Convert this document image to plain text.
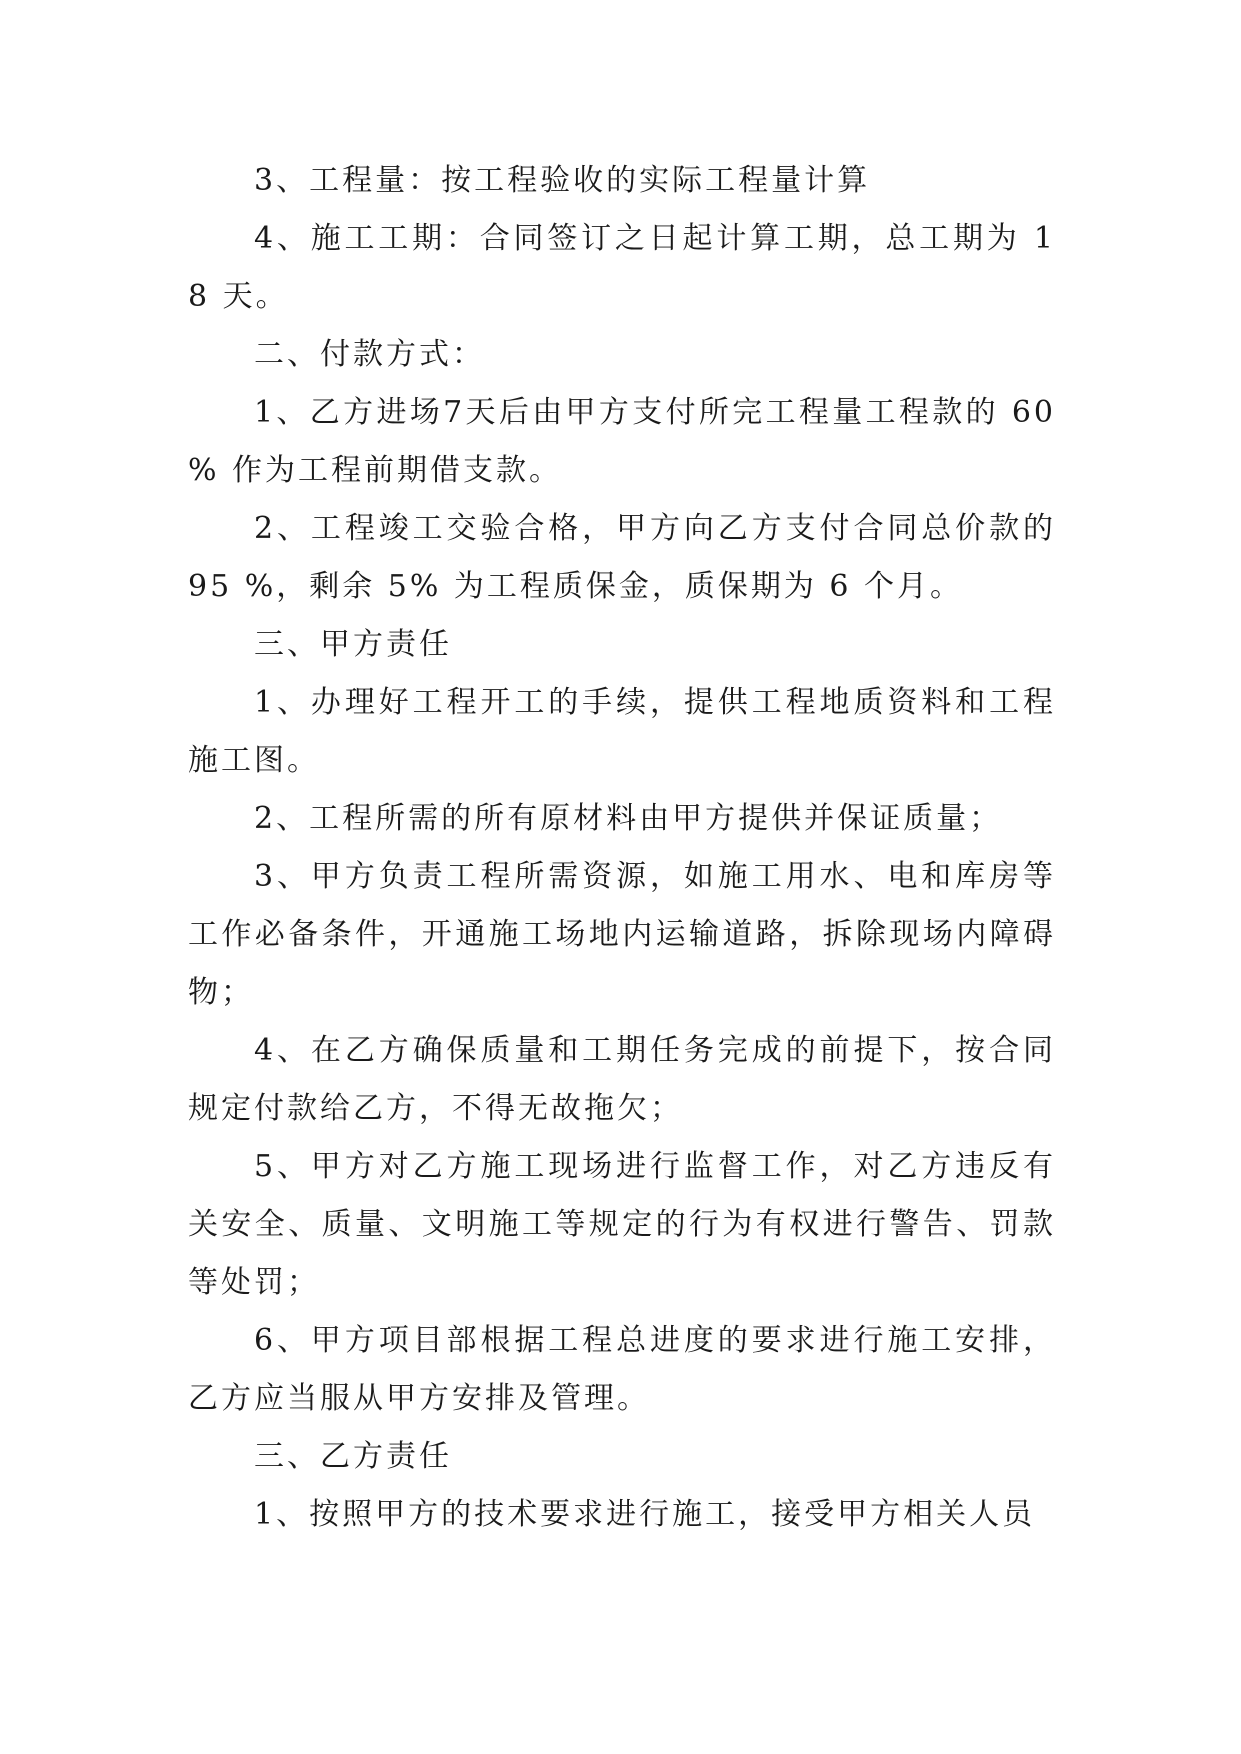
3、工程量：按工程验收的实际工程量计算

4、施工工期：合同签订之日起计算工期，总工期为 18 天。

二、付款方式：

1、乙方进场7天后由甲方支付所完工程量工程款的 60 % 作为工程前期借支款。

2、工程竣工交验合格，甲方向乙方支付合同总价款的 95 %，剩余 5% 为工程质保金，质保期为 6 个月。

三、甲方责任

1、办理好工程开工的手续，提供工程地质资料和工程施工图。

2、工程所需的所有原材料由甲方提供并保证质量；

3、甲方负责工程所需资源，如施工用水、电和库房等工作必备条件，开通施工场地内运输道路，拆除现场内障碍物；

4、在乙方确保质量和工期任务完成的前提下，按合同规定付款给乙方，不得无故拖欠；

5、甲方对乙方施工现场进行监督工作，对乙方违反有关安全、质量、文明施工等规定的行为有权进行警告、罚款等处罚；

6、甲方项目部根据工程总进度的要求进行施工安排，乙方应当服从甲方安排及管理。

三、乙方责任

1、按照甲方的技术要求进行施工，接受甲方相关人员
